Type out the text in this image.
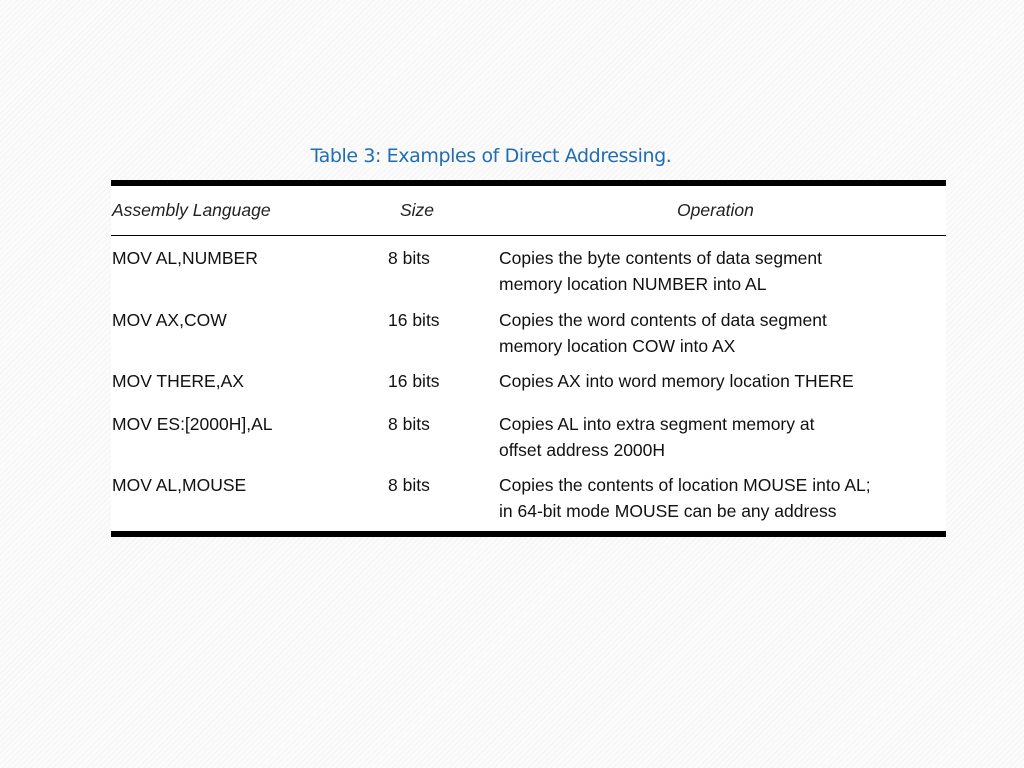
Table 3: Examples of Direct Addressing.
Assembly Language	Size	Operation
MOV AL,NUMBER	8 bits	Copies the byte contents of data segment
memory location NUMBER into AL
MOV AX,COW	16 bits	Copies the word contents of data segment
memory location COW into AX
MOV THERE,AX	16 bits	Copies AX into word memory location THERE
MOV ES:[2000H],AL	8 bits	Copies AL into extra segment memory at
offset address 2000H
MOV AL,MOUSE	8 bits	Copies the contents of location MOUSE into AL;
in 64-bit mode MOUSE can be any address
